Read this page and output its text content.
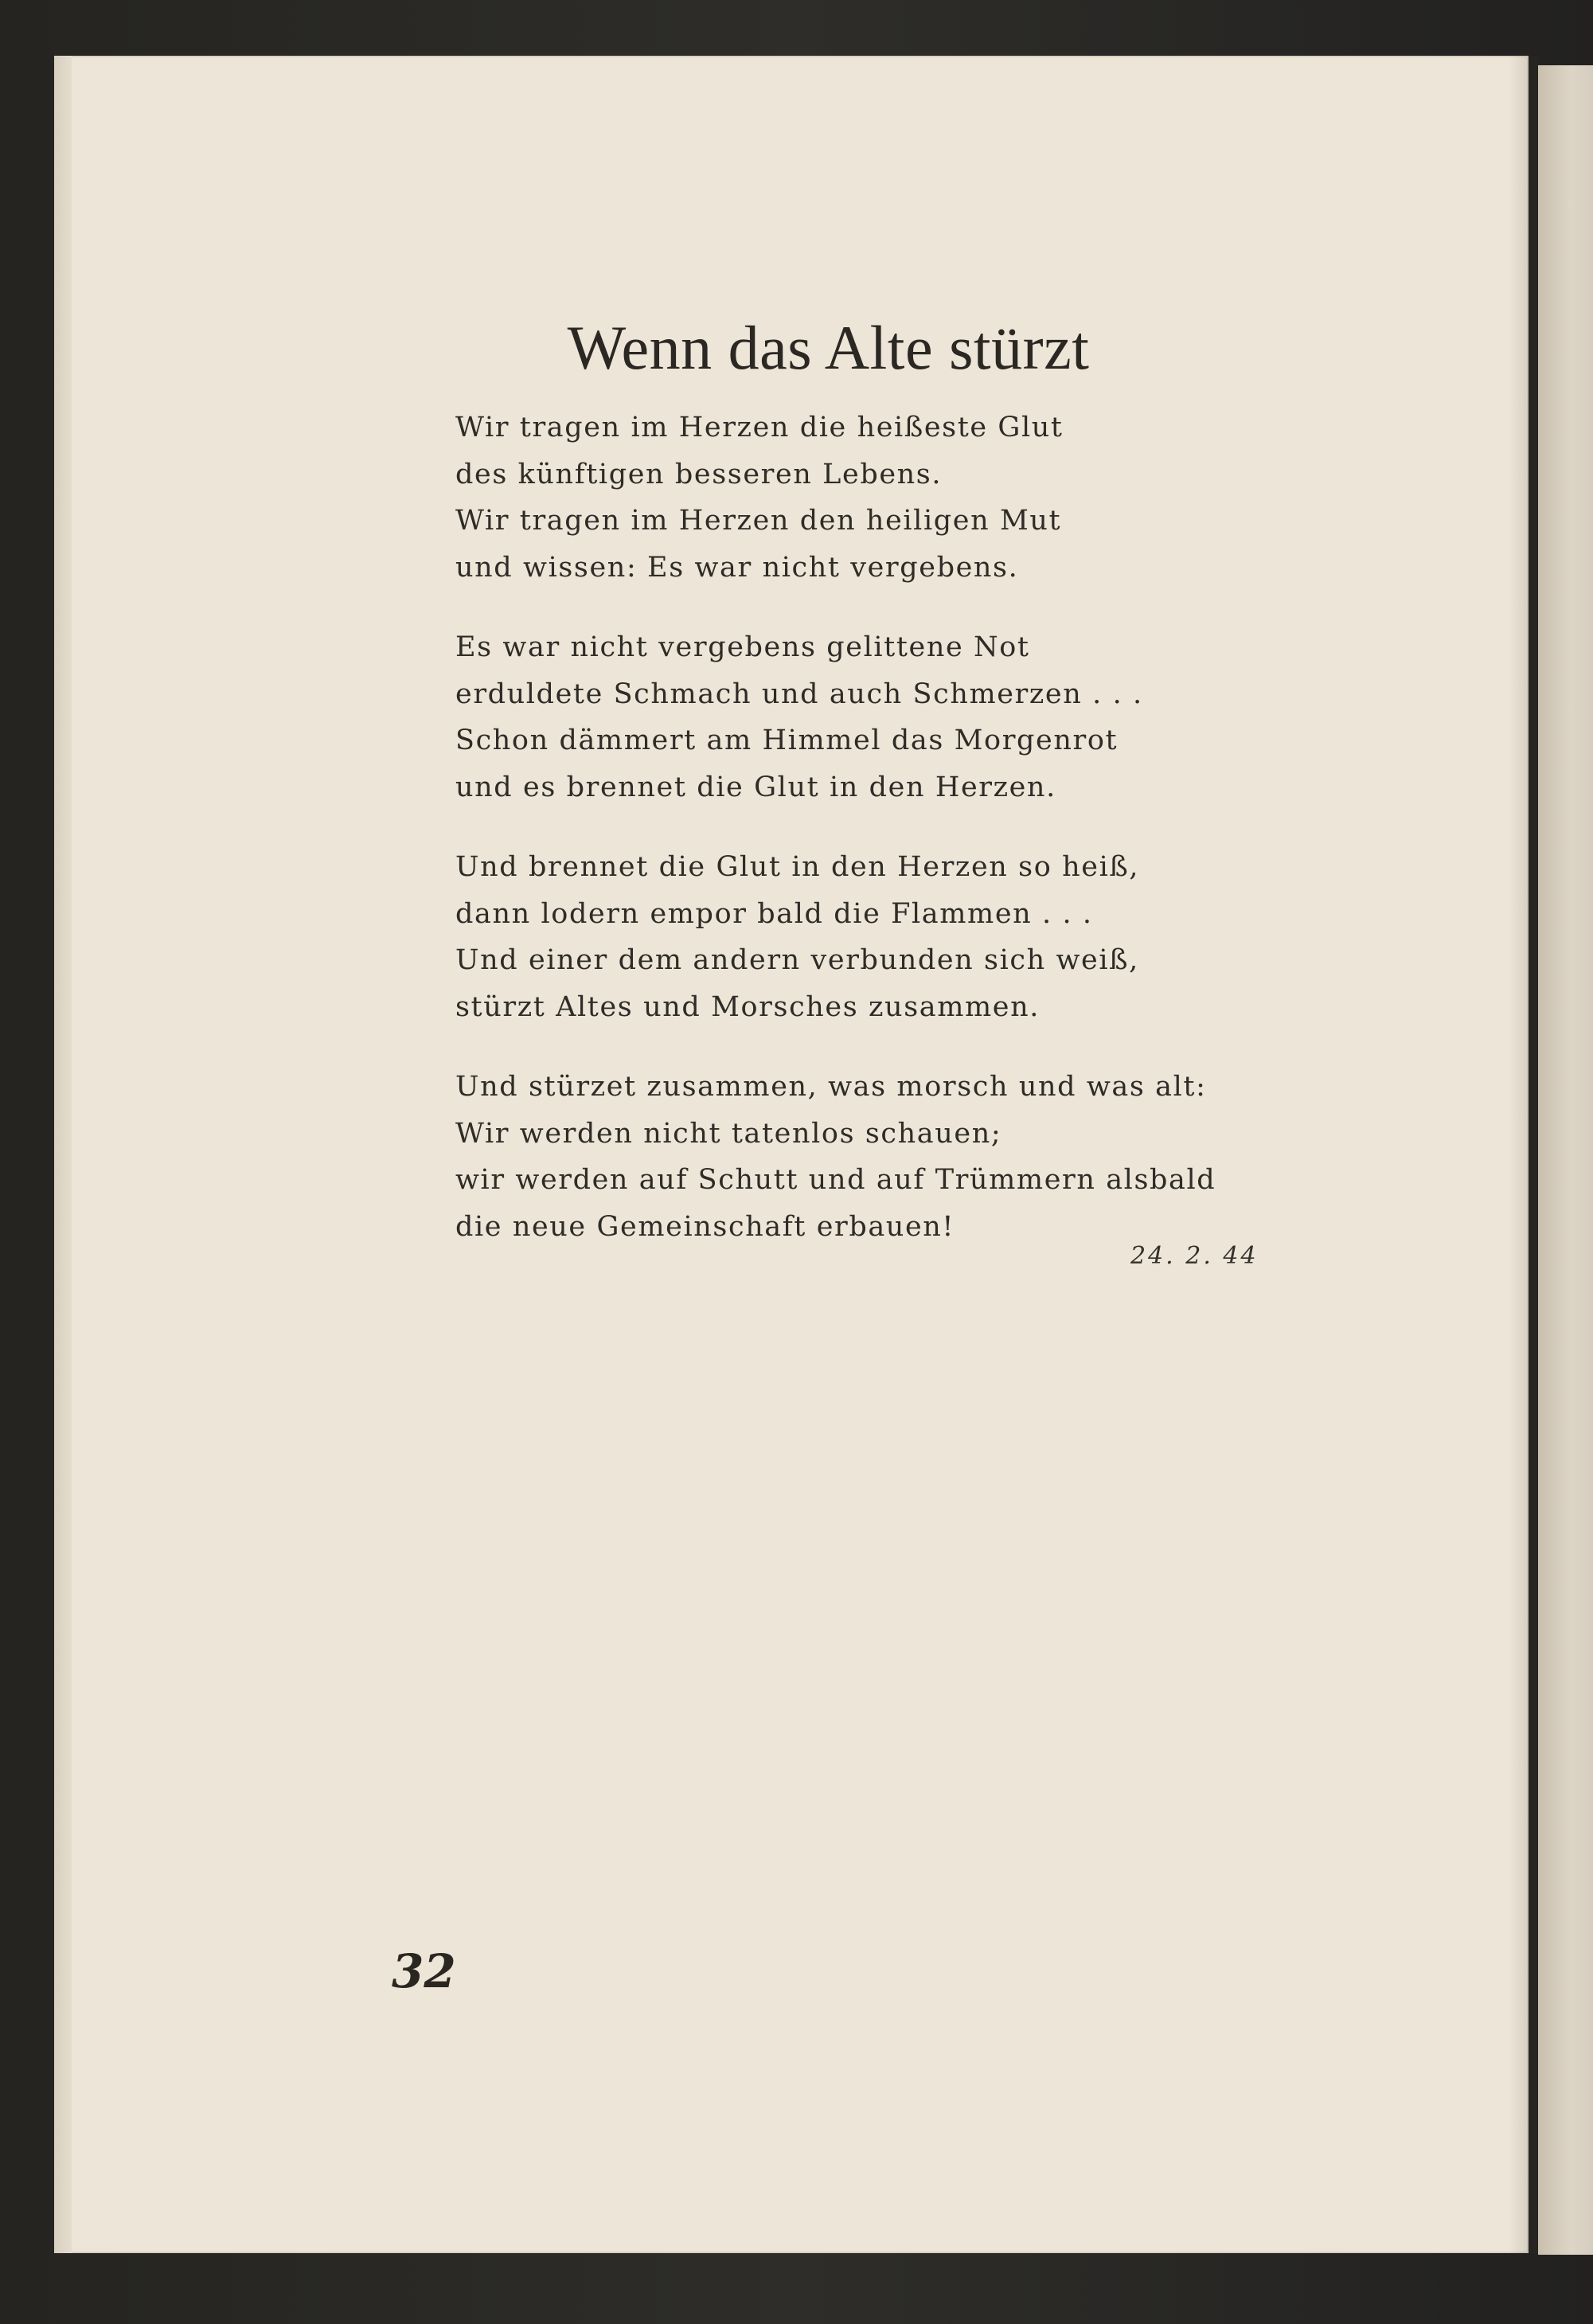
Wenn das Alte stürzt
Wir tragen im Herzen die heißeste Glut
des künftigen besseren Lebens.
Wir tragen im Herzen den heiligen Mut
und wissen: Es war nicht vergebens.
Es war nicht vergebens gelittene Not
erduldete Schmach und auch Schmerzen . . .
Schon dämmert am Himmel das Morgenrot
und es brennet die Glut in den Herzen.
Und brennet die Glut in den Herzen so heiß,
dann lodern empor bald die Flammen . . .
Und einer dem andern verbunden sich weiß,
stürzt Altes und Morsches zusammen.
Und stürzet zusammen, was morsch und was alt:
Wir werden nicht tatenlos schauen;
wir werden auf Schutt und auf Trümmern alsbald
die neue Gemeinschaft erbauen!
24. 2. 44
32
